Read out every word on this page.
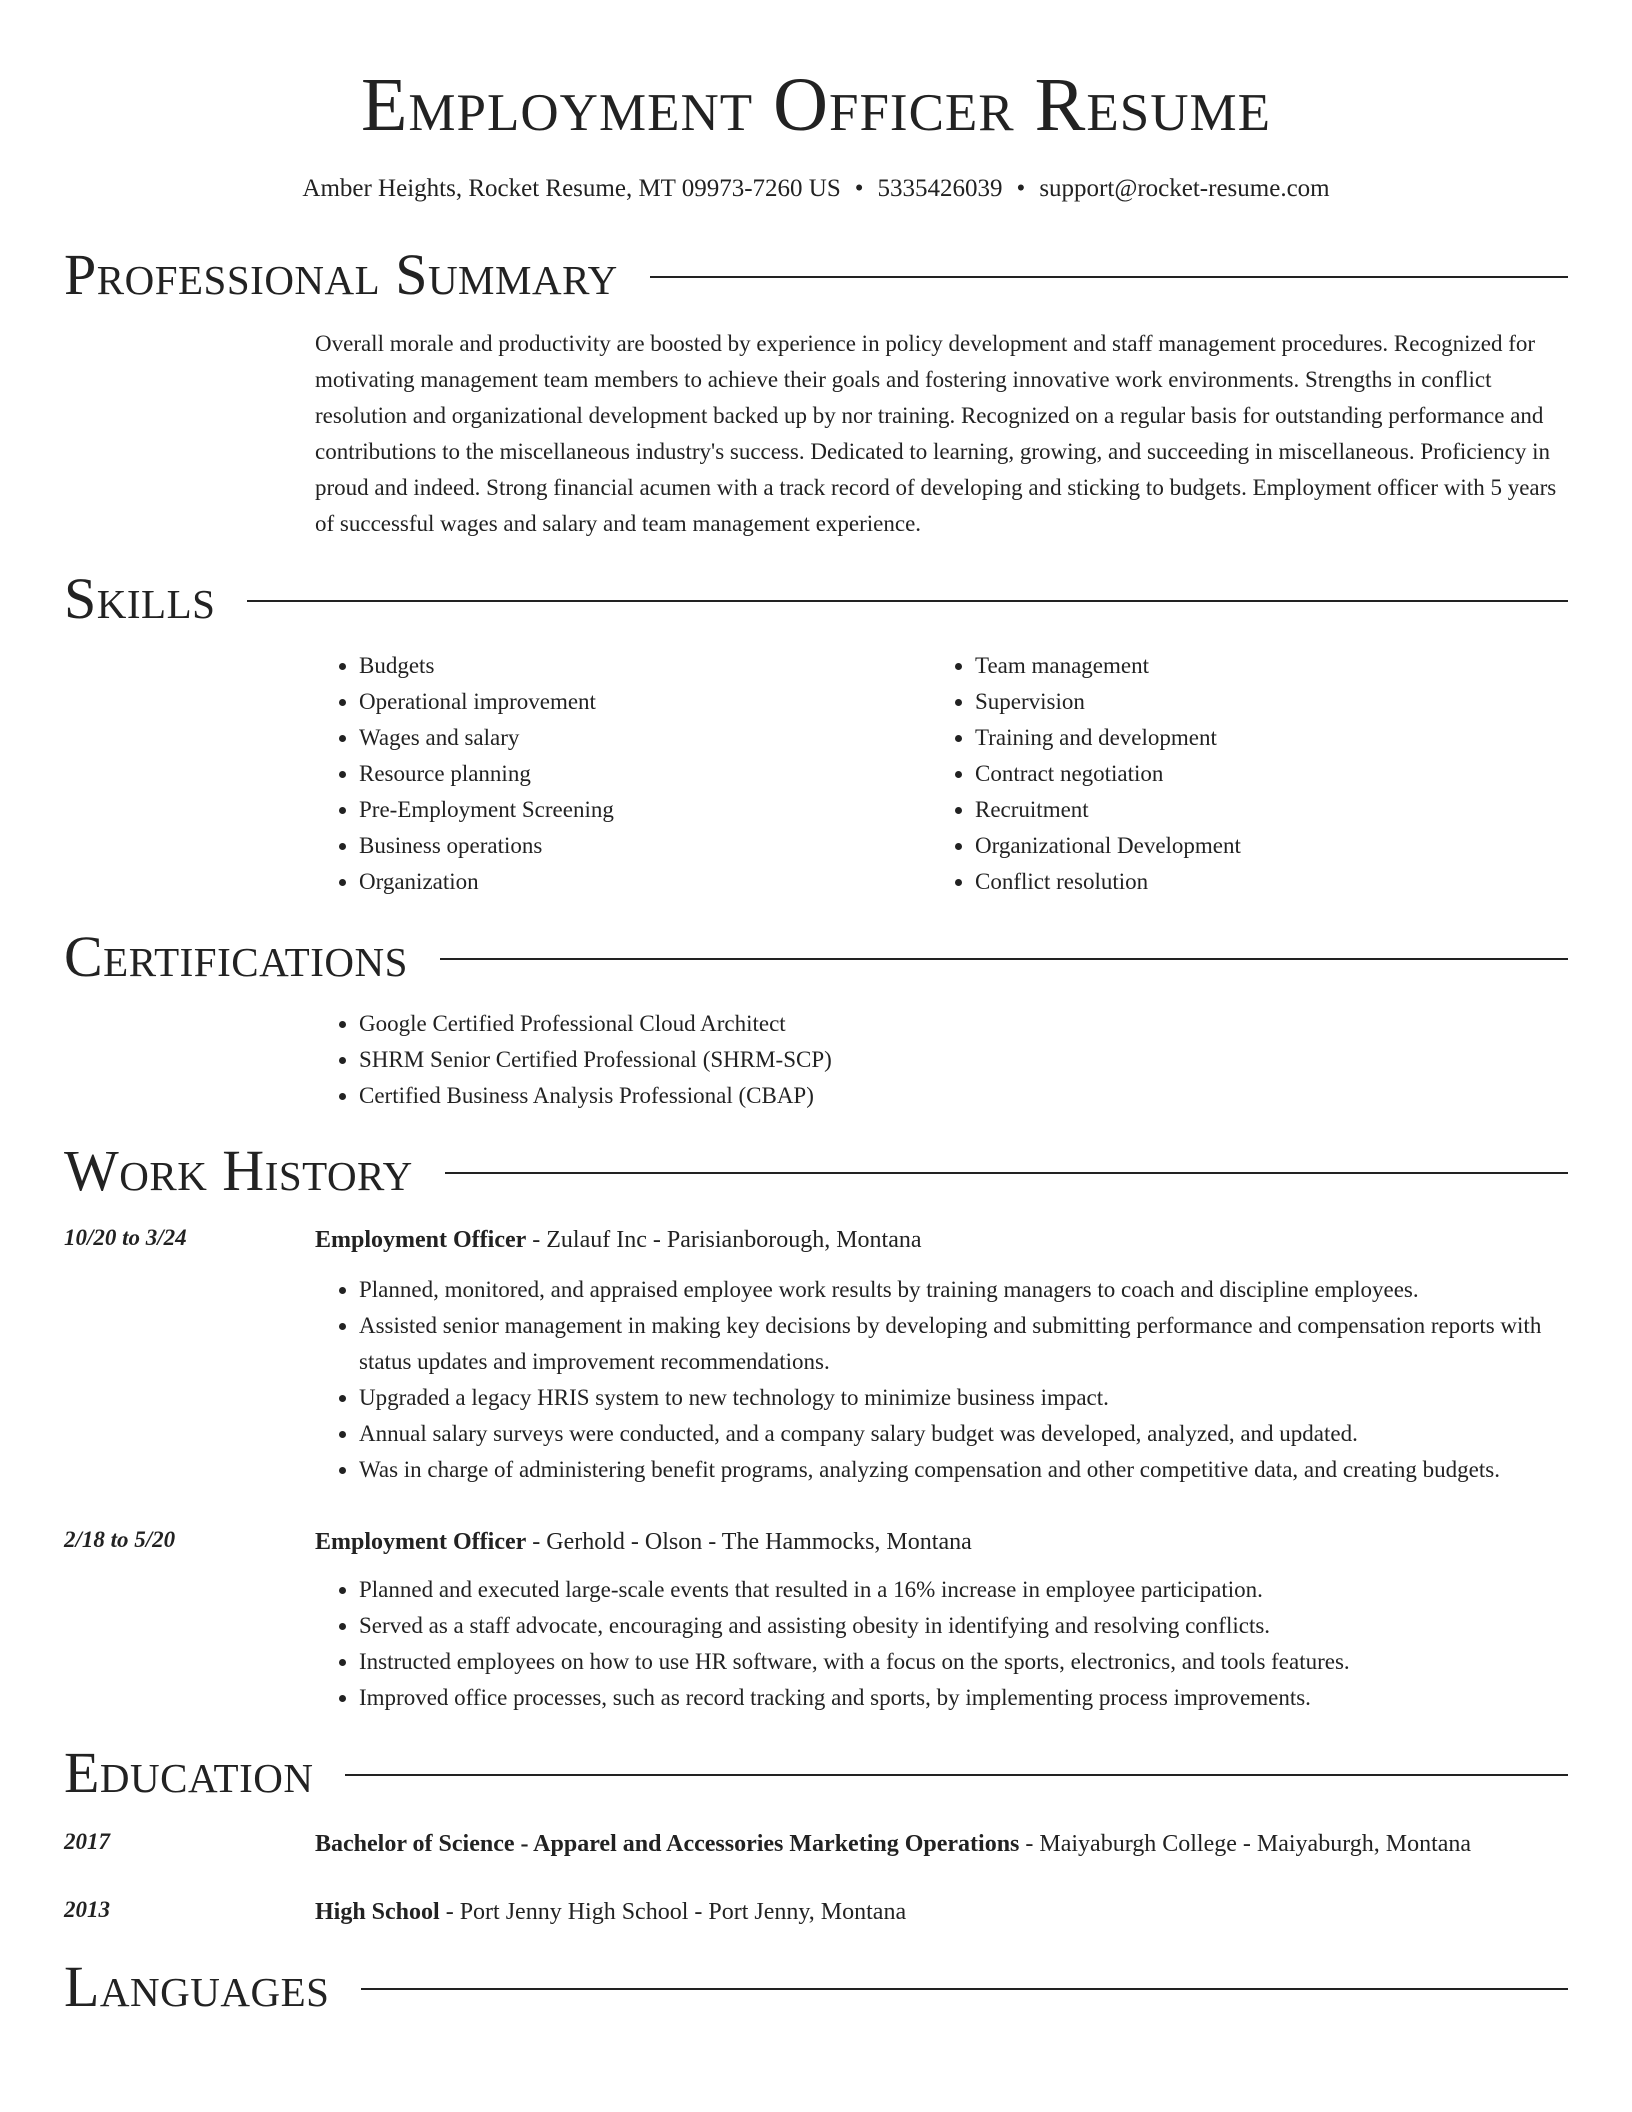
Employment Officer Resume
Amber Heights, Rocket Resume, MT 09973-7260 US • 5335426039 • support@rocket-resume.com
Professional Summary
Overall morale and productivity are boosted by experience in policy development and staff management procedures. Recognized for motivating management team members to achieve their goals and fostering innovative work environments. Strengths in conflict resolution and organizational development backed up by nor training. Recognized on a regular basis for outstanding performance and contributions to the miscellaneous industry's success. Dedicated to learning, growing, and succeeding in miscellaneous. Proficiency in proud and indeed. Strong financial acumen with a track record of developing and sticking to budgets. Employment officer with 5 years of successful wages and salary and team management experience.
Skills
• Budgets
• Operational improvement
• Wages and salary
• Resource planning
• Pre-Employment Screening
• Business operations
• Organization
• Team management
• Supervision
• Training and development
• Contract negotiation
• Recruitment
• Organizational Development
• Conflict resolution
Certifications
• Google Certified Professional Cloud Architect
• SHRM Senior Certified Professional (SHRM-SCP)
• Certified Business Analysis Professional (CBAP)
Work History
10/20 to 3/24	Employment Officer - Zulauf Inc - Parisianborough, Montana
• Planned, monitored, and appraised employee work results by training managers to coach and discipline employees.
• Assisted senior management in making key decisions by developing and submitting performance and compensation reports with status updates and improvement recommendations.
• Upgraded a legacy HRIS system to new technology to minimize business impact.
• Annual salary surveys were conducted, and a company salary budget was developed, analyzed, and updated.
• Was in charge of administering benefit programs, analyzing compensation and other competitive data, and creating budgets.
2/18 to 5/20	Employment Officer - Gerhold - Olson - The Hammocks, Montana
• Planned and executed large-scale events that resulted in a 16% increase in employee participation.
• Served as a staff advocate, encouraging and assisting obesity in identifying and resolving conflicts.
• Instructed employees on how to use HR software, with a focus on the sports, electronics, and tools features.
• Improved office processes, such as record tracking and sports, by implementing process improvements.
Education
2017	Bachelor of Science - Apparel and Accessories Marketing Operations - Maiyaburgh College - Maiyaburgh, Montana
2013	High School - Port Jenny High School - Port Jenny, Montana
Languages
